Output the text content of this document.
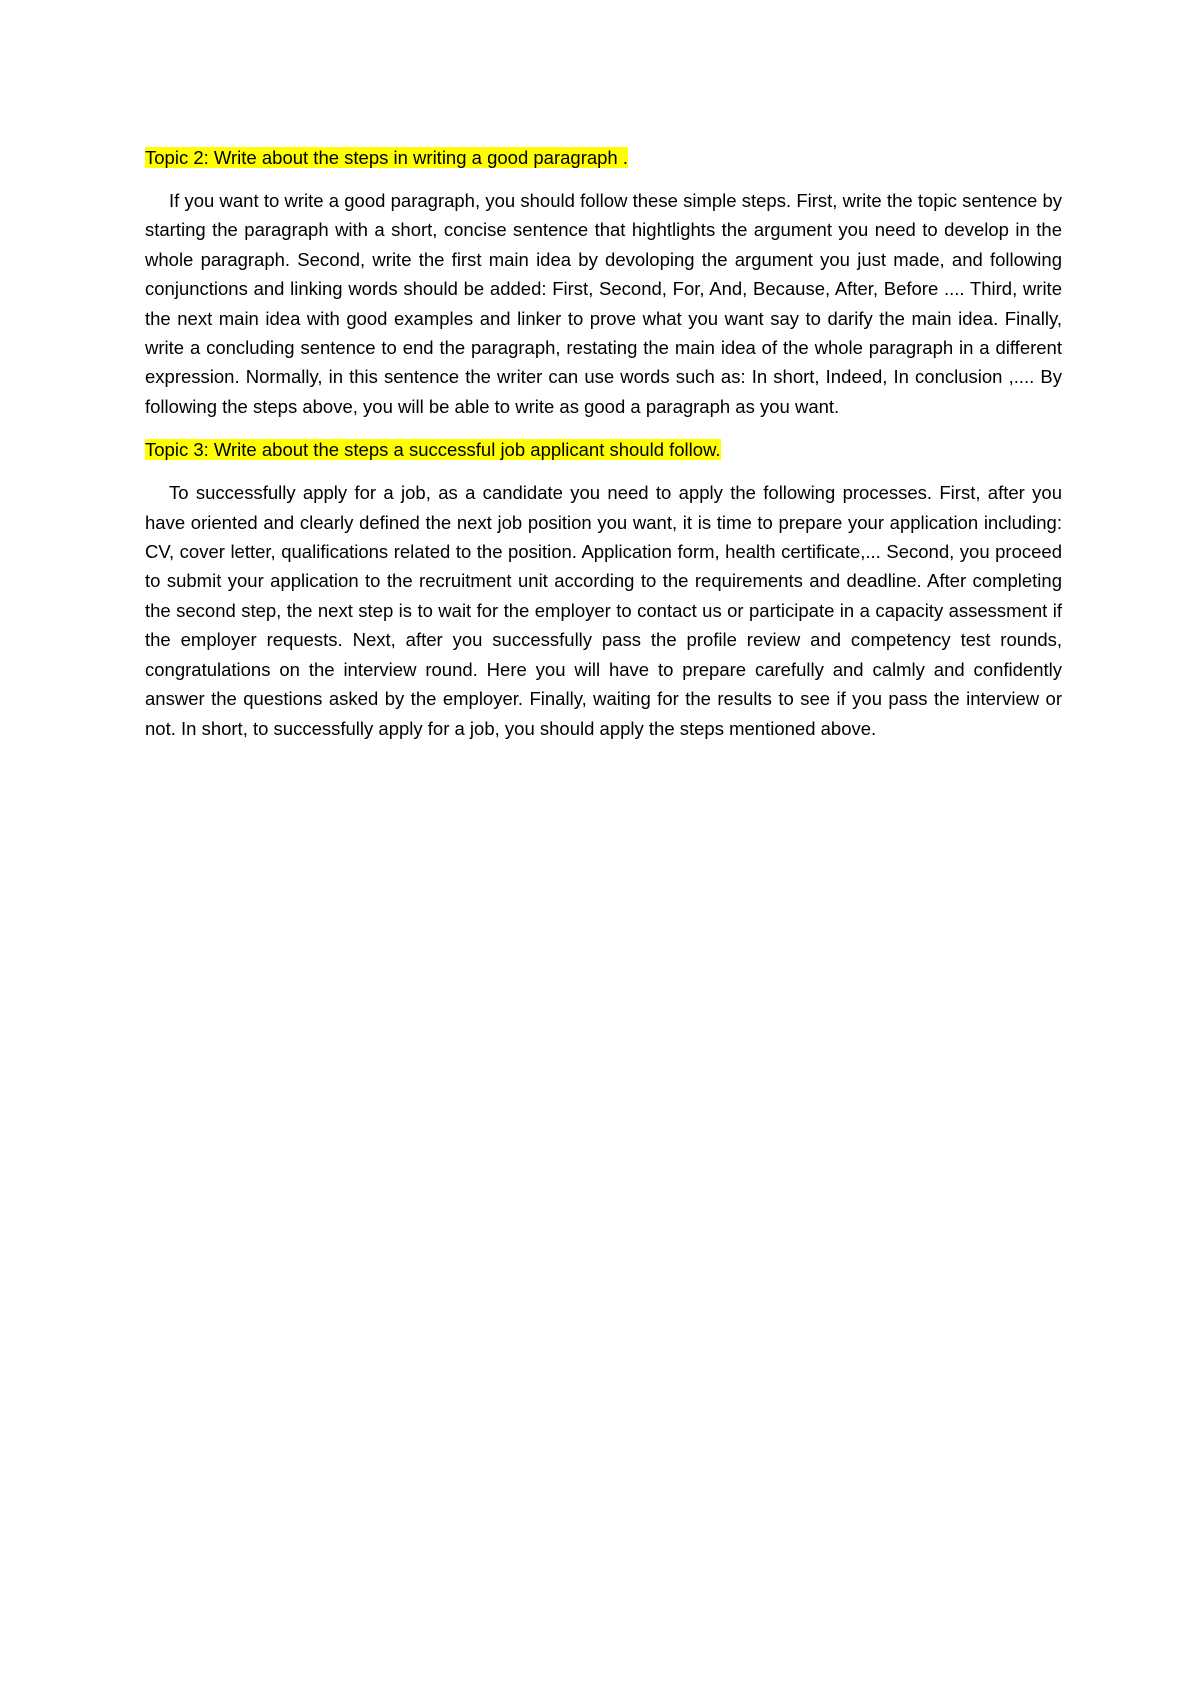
Topic 2: Write about the steps in writing a good paragraph .

If you want to write a good paragraph, you should follow these simple steps. First, write the topic sentence by starting the paragraph with a short, concise sentence that hightlights the argument you need to develop in the whole paragraph. Second, write the first main idea by devoloping the argument you just made, and following conjunctions and linking words should be added: First, Second, For, And, Because, After, Before .... Third, write the next main idea with good examples and linker to prove what you want say to darify the main idea. Finally, write a concluding sentence to end the paragraph, restating the main idea of the whole paragraph in a different expression. Normally, in this sentence the writer can use words such as: In short, Indeed, In conclusion ,.... By following the steps above, you will be able to write as good a paragraph as you want.

Topic 3: Write about the steps a successful job applicant should follow.

To successfully apply for a job, as a candidate you need to apply the following processes. First, after you have oriented and clearly defined the next job position you want, it is time to prepare your application including: CV, cover letter, qualifications related to the position. Application form, health certificate,... Second, you proceed to submit your application to the recruitment unit according to the requirements and deadline. After completing the second step, the next step is to wait for the employer to contact us or participate in a capacity assessment if the employer requests. Next, after you successfully pass the profile review and competency test rounds, congratulations on the interview round. Here you will have to prepare carefully and calmly and confidently answer the questions asked by the employer. Finally, waiting for the results to see if you pass the interview or not. In short, to successfully apply for a job, you should apply the steps mentioned above.
